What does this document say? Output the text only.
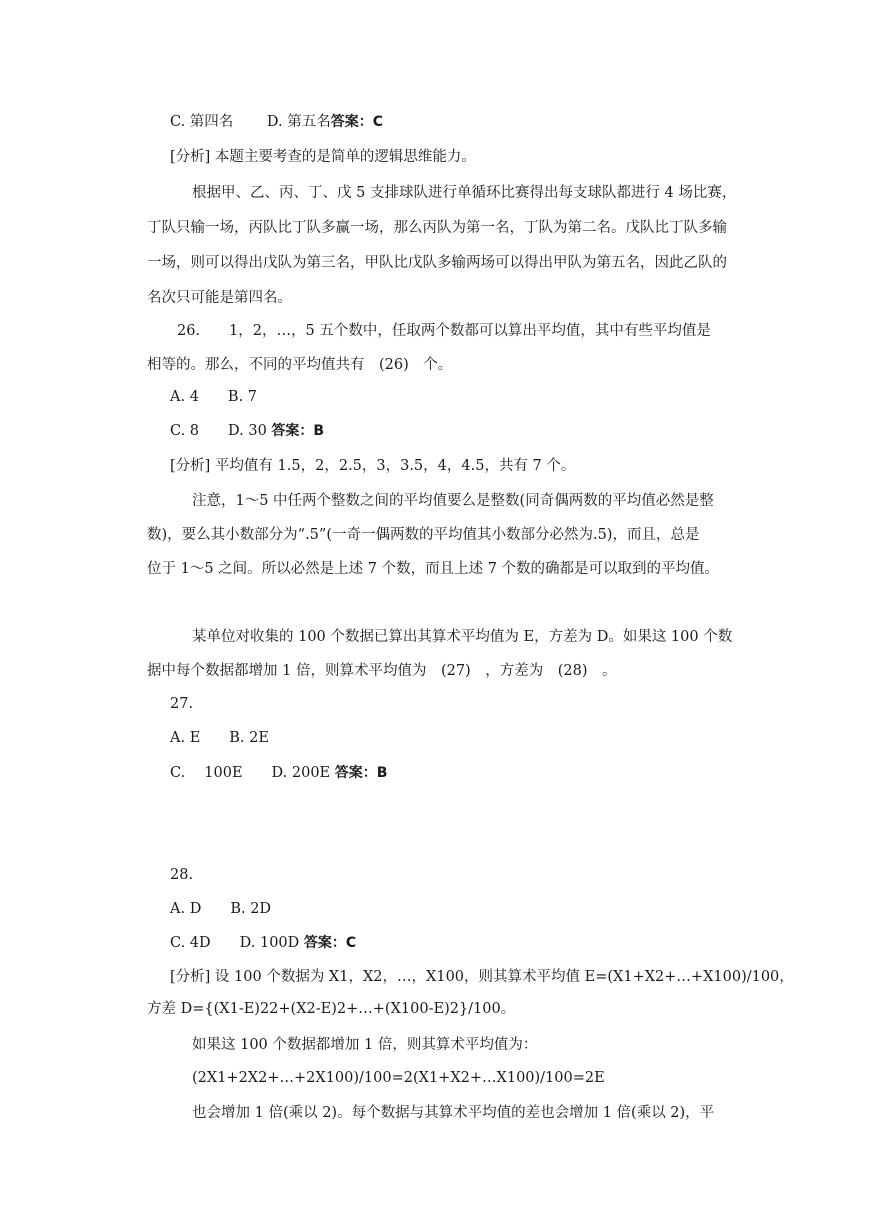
C. 第四名　　 D. 第五名答案：C
[分析] 本题主要考查的是简单的逻辑思维能力。
根据甲、乙、丙、丁、戊 5 支排球队进行单循环比赛得出每支球队都进行 4 场比赛，
丁队只输一场，丙队比丁队多赢一场，那么丙队为第一名，丁队为第二名。戊队比丁队多输
一场，则可以得出戊队为第三名，甲队比戊队多输两场可以得出甲队为第五名，因此乙队的
名次只可能是第四名。
26.　　1，2，…，5 五个数中，任取两个数都可以算出平均值，其中有些平均值是
相等的。那么，不同的平均值共有　(26)　个。
A. 4　　B. 7
C. 8　　D. 30 答案：B
[分析] 平均值有 1.5，2，2.5，3，3.5，4，4.5，共有 7 个。
注意，1～5 中任两个整数之间的平均值要么是整数(同奇偶两数的平均值必然是整
数)，要么其小数部分为“.5”(一奇一偶两数的平均值其小数部分必然为.5)，而且，总是
位于 1～5 之间。所以必然是上述 7 个数，而且上述 7 个数的确都是可以取到的平均值。
某单位对收集的 100 个数据已算出其算术平均值为 E，方差为 D。如果这 100 个数
据中每个数据都增加 1 倍，则算术平均值为　(27)　，方差为　(28)　。
27.
A. E　　B. 2E
C.　 100E　　D. 200E 答案：B
28.
A. D　　B. 2D
C. 4D　　D. 100D 答案：C
[分析] 设 100 个数据为 X1，X2，…，X100，则其算术平均值 E=(X1+X2+…+X100)/100，
方差 D={(X1-E)22+(X2-E)2+…+(X100-E)2}/100。
如果这 100 个数据都增加 1 倍，则其算术平均值为：
(2X1+2X2+…+2X100)/100=2(X1+X2+…X100)/100=2E
也会增加 1 倍(乘以 2)。每个数据与其算术平均值的差也会增加 1 倍(乘以 2)，平
